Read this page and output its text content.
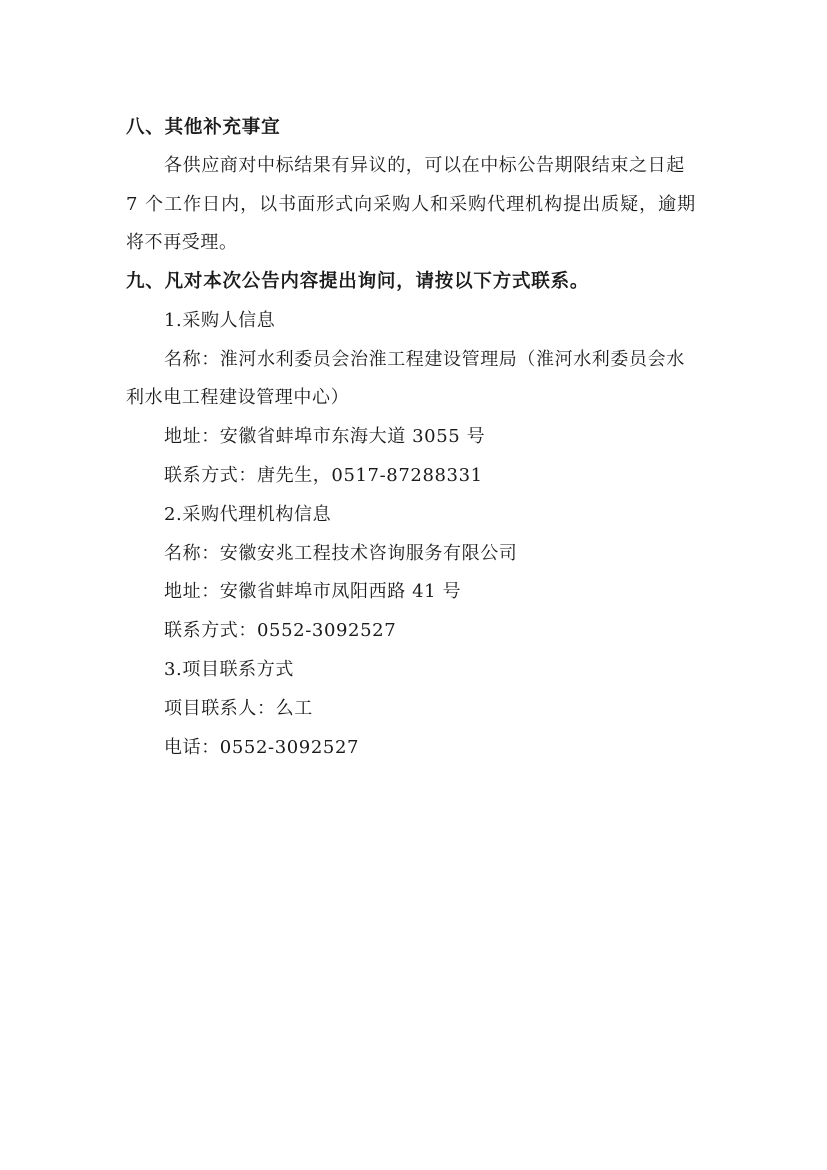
八、其他补充事宜
各供应商对中标结果有异议的，可以在中标公告期限结束之日起
7 个工作日内，以书面形式向采购人和采购代理机构提出质疑，逾期
将不再受理。
九、凡对本次公告内容提出询问，请按以下方式联系。
1.采购人信息
名称：淮河水利委员会治淮工程建设管理局（淮河水利委员会水
利水电工程建设管理中心）
地址：安徽省蚌埠市东海大道 3055 号
联系方式：唐先生，0517-87288331
2.采购代理机构信息
名称：安徽安兆工程技术咨询服务有限公司
地址：安徽省蚌埠市凤阳西路 41 号
联系方式：0552-3092527
3.项目联系方式
项目联系人：么工
电话：0552-3092527
